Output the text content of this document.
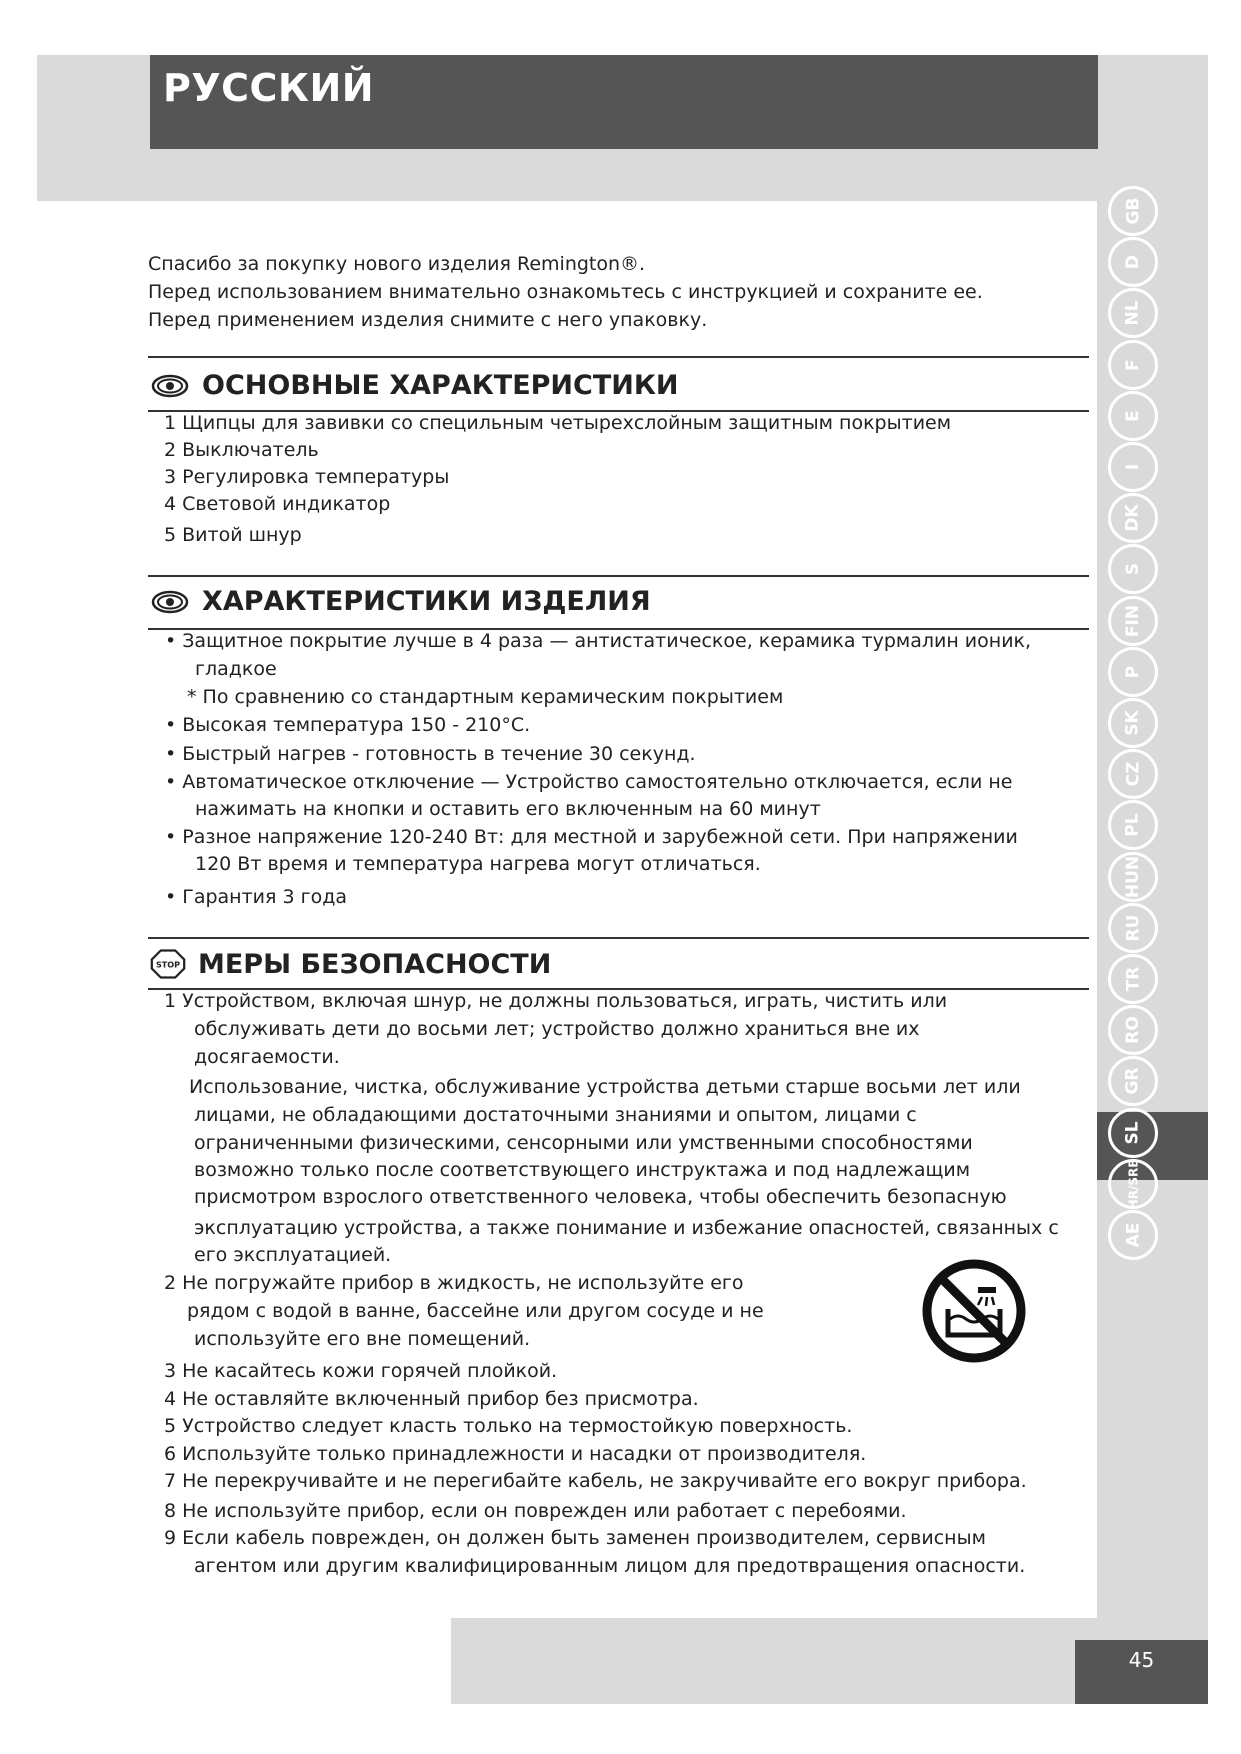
РУССКИЙ
GB
D
NL
F
E
I
DK
S
FIN
P
SK
CZ
PL
HUN
RU
TR
RO
GR
SL
HR/SRB
AE
45
Спасибо за покупку нового изделия Remington®.
Перед использованием внимательно ознакомьтесь с инструкцией и сохраните ее.
Перед применением изделия снимите с него упаковку.
ОСНОВНЫЕ ХАРАКТЕРИСТИКИ
1 Щипцы для завивки со специльным четырехслойным защитным покрытием
2 Выключатель
3 Регулировка температуры
4 Световой индикатор
5 Витой шнур
ХАРАКТЕРИСТИКИ ИЗДЕЛИЯ
• Защитное покрытие лучше в 4 раза — антистатическое, керамика турмалин ионик,
гладкое
* По сравнению со стандартным керамическим покрытием
• Высокая температура 150 - 210°C.
• Быстрый нагрев - готовность в течение 30 секунд.
• Автоматическое отключение — Устройство самостоятельно отключается, если не
нажимать на кнопки и оставить его включенным на 60 минут
• Разное напряжение 120-240 Вт: для местной и зарубежной сети. При напряжении
120 Вт время и температура нагрева могут отличаться.
• Гарантия 3 года
STOP МЕРЫ БЕЗОПАСНОСТИ
1 Устройством, включая шнур, не должны пользоваться, играть, чистить или
обслуживать дети до восьми лет; устройство должно храниться вне их
досягаемости.
Использование, чистка, обслуживание устройства детьми старше восьми лет или
лицами, не обладающими достаточными знаниями и опытом, лицами с
ограниченными физическими, сенсорными или умственными способностями
возможно только после соответствующего инструктажа и под надлежащим
присмотром взрослого ответственного человека, чтобы обеспечить безопасную
эксплуатацию устройства, а также понимание и избежание опасностей, связанных с
его эксплуатацией.
2 Не погружайте прибор в жидкость, не используйте его
рядом с водой в ванне, бассейне или другом сосуде и не
используйте его вне помещений.
3 Не касайтесь кожи горячей плойкой.
4 Не оставляйте включенный прибор без присмотра.
5 Устройство следует класть только на термостойкую поверхность.
6 Используйте только принадлежности и насадки от производителя.
7 Не перекручивайте и не перегибайте кабель, не закручивайте его вокруг прибора.
8 Не используйте прибор, если он поврежден или работает с перебоями.
9 Если кабель поврежден, он должен быть заменен производителем, сервисным
агентом или другим квалифицированным лицом для предотвращения опасности.
